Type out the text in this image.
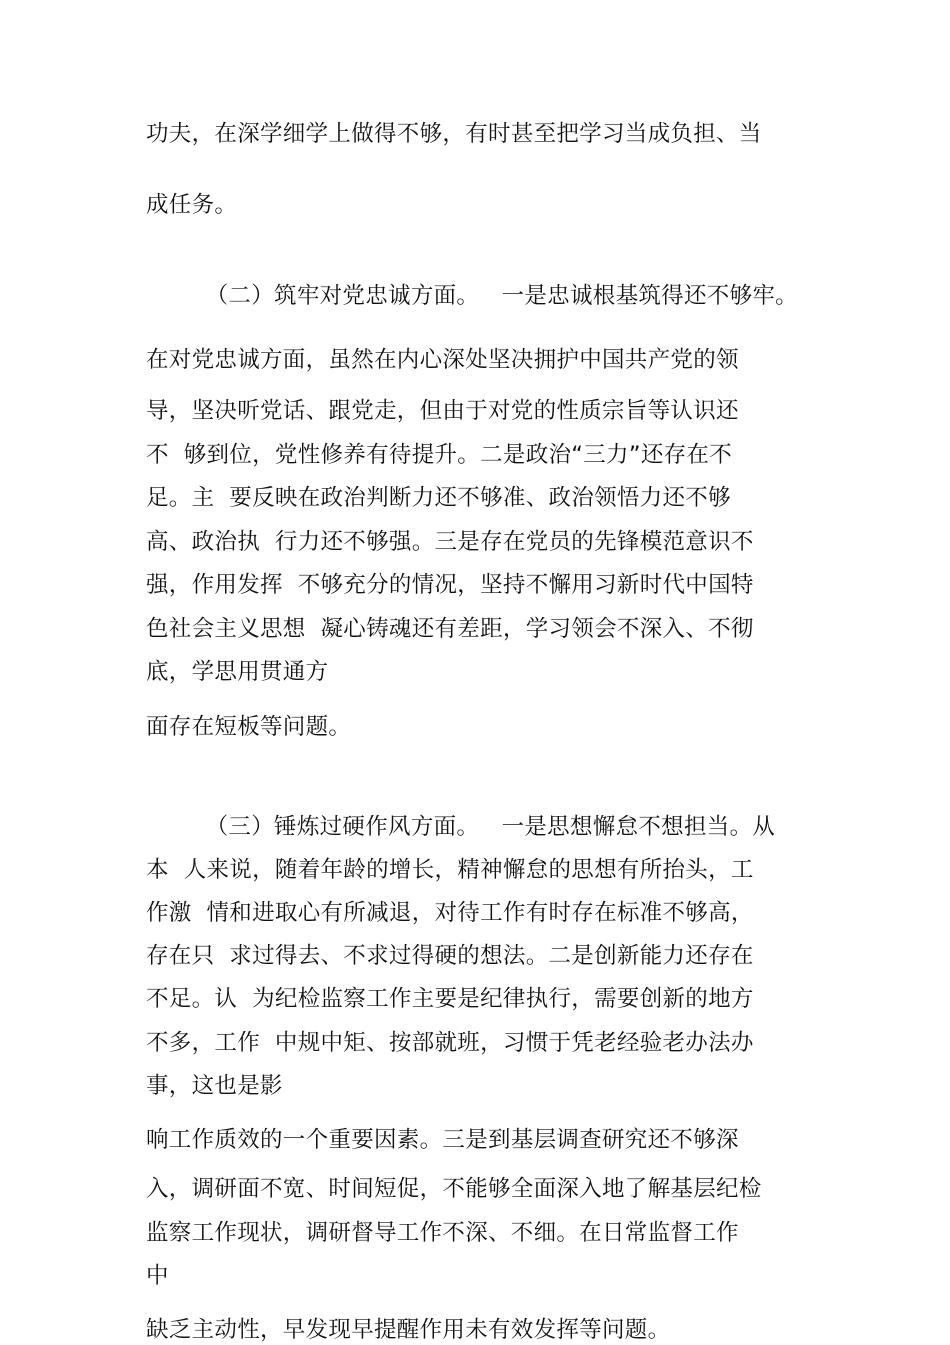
功夫，在深学细学上做得不够，有时甚至把学习当成负担、当
成任务。
（二）筑牢对党忠诚方面。   一是忠诚根基筑得还不够牢。
在对党忠诚方面，虽然在内心深处坚决拥护中国共产党的领
导，坚决听党话、跟党走，但由于对党的性质宗旨等认识还
不  够到位，党性修养有待提升。二是政治“三力”还存在不
足。主  要反映在政治判断力还不够准、政治领悟力还不够
高、政治执  行力还不够强。三是存在党员的先锋模范意识不
强，作用发挥  不够充分的情况，坚持不懈用习新时代中国特
色社会主义思想  凝心铸魂还有差距，学习领会不深入、不彻
底，学思用贯通方
面存在短板等问题。
（三）锤炼过硬作风方面。   一是思想懈怠不想担当。从
本  人来说，随着年龄的增长，精神懈怠的思想有所抬头，工
作激  情和进取心有所减退，对待工作有时存在标准不够高，
存在只  求过得去、不求过得硬的想法。二是创新能力还存在
不足。认  为纪检监察工作主要是纪律执行，需要创新的地方
不多，工作  中规中矩、按部就班，习惯于凭老经验老办法办
事，这也是影
响工作质效的一个重要因素。三是到基层调查研究还不够深
入，调研面不宽、时间短促，不能够全面深入地了解基层纪检
监察工作现状，调研督导工作不深、不细。在日常监督工作
中
缺乏主动性，早发现早提醒作用未有效发挥等问题。
